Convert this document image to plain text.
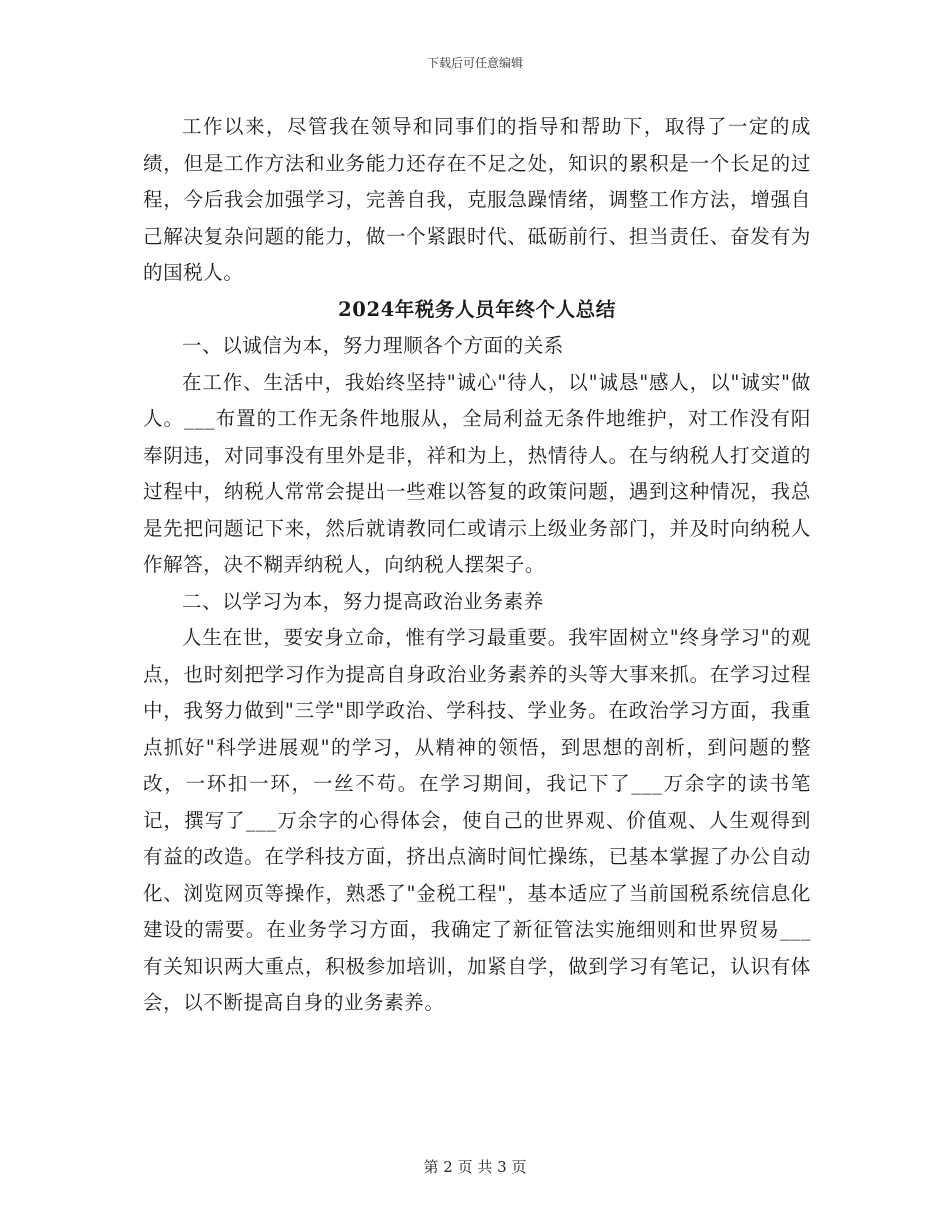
下载后可任意编辑

工作以来，尽管我在领导和同事们的指导和帮助下，取得了一定的成绩，但是工作方法和业务能力还存在不足之处，知识的累积是一个长足的过程，今后我会加强学习，完善自我，克服急躁情绪，调整工作方法，增强自己解决复杂问题的能力，做一个紧跟时代、砥砺前行、担当责任、奋发有为的国税人。

2024年税务人员年终个人总结

一、以诚信为本，努力理顺各个方面的关系

在工作、生活中，我始终坚持"诚心"待人，以"诚恳"感人，以"诚实"做人。___布置的工作无条件地服从，全局利益无条件地维护，对工作没有阳奉阴违，对同事没有里外是非，祥和为上，热情待人。在与纳税人打交道的过程中，纳税人常常会提出一些难以答复的政策问题，遇到这种情况，我总是先把问题记下来，然后就请教同仁或请示上级业务部门，并及时向纳税人作解答，决不糊弄纳税人，向纳税人摆架子。

二、以学习为本，努力提高政治业务素养

人生在世，要安身立命，惟有学习最重要。我牢固树立"终身学习"的观点，也时刻把学习作为提高自身政治业务素养的头等大事来抓。在学习过程中，我努力做到"三学"即学政治、学科技、学业务。在政治学习方面，我重点抓好"科学进展观"的学习，从精神的领悟，到思想的剖析，到问题的整改，一环扣一环，一丝不苟。在学习期间，我记下了___万余字的读书笔记，撰写了___万余字的心得体会，使自己的世界观、价值观、人生观得到有益的改造。在学科技方面，挤出点滴时间忙操练，已基本掌握了办公自动化、浏览网页等操作，熟悉了"金税工程"，基本适应了当前国税系统信息化建设的需要。在业务学习方面，我确定了新征管法实施细则和世界贸易___有关知识两大重点，积极参加培训，加紧自学，做到学习有笔记，认识有体会，以不断提高自身的业务素养。

第 2 页 共 3 页
